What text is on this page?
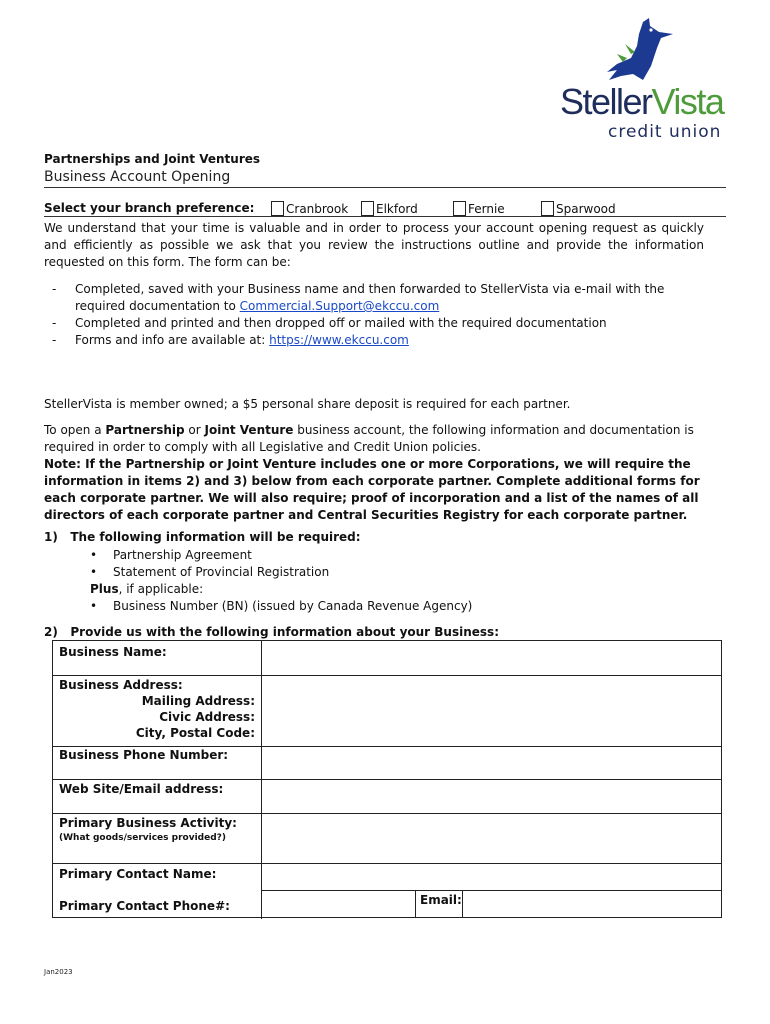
StellerVista
credit union
Partnerships and Joint Ventures
Business Account Opening
Select your branch preference:	Cranbrook	Elkford	Fernie	Sparwood
We understand that your time is valuable and in order to process your account opening request as quickly and efficiently as possible we ask that you review the instructions outline and provide the information requested on this form. The form can be:
- Completed, saved with your Business name and then forwarded to StellerVista via e-mail with the required documentation to Commercial.Support@ekccu.com
- Completed and printed and then dropped off or mailed with the required documentation
- Forms and info are available at: https://www.ekccu.com
StellerVista is member owned; a $5 personal share deposit is required for each partner.
To open a Partnership or Joint Venture business account, the following information and documentation is required in order to comply with all Legislative and Credit Union policies.
Note: If the Partnership or Joint Venture includes one or more Corporations, we will require the information in items 2) and 3) below from each corporate partner. Complete additional forms for each corporate partner. We will also require; proof of incorporation and a list of the names of all directors of each corporate partner and Central Securities Registry for each corporate partner.
1)   The following information will be required:
• Partnership Agreement
• Statement of Provincial Registration
Plus, if applicable:
• Business Number (BN) (issued by Canada Revenue Agency)
2)   Provide us with the following information about your Business:
Business Name:
Business Address:
Mailing Address:
Civic Address:
City, Postal Code:
Business Phone Number:
Web Site/Email address:
Primary Business Activity:
(What goods/services provided?)
Primary Contact Name:
Primary Contact Phone#:	Email:
Jan2023
